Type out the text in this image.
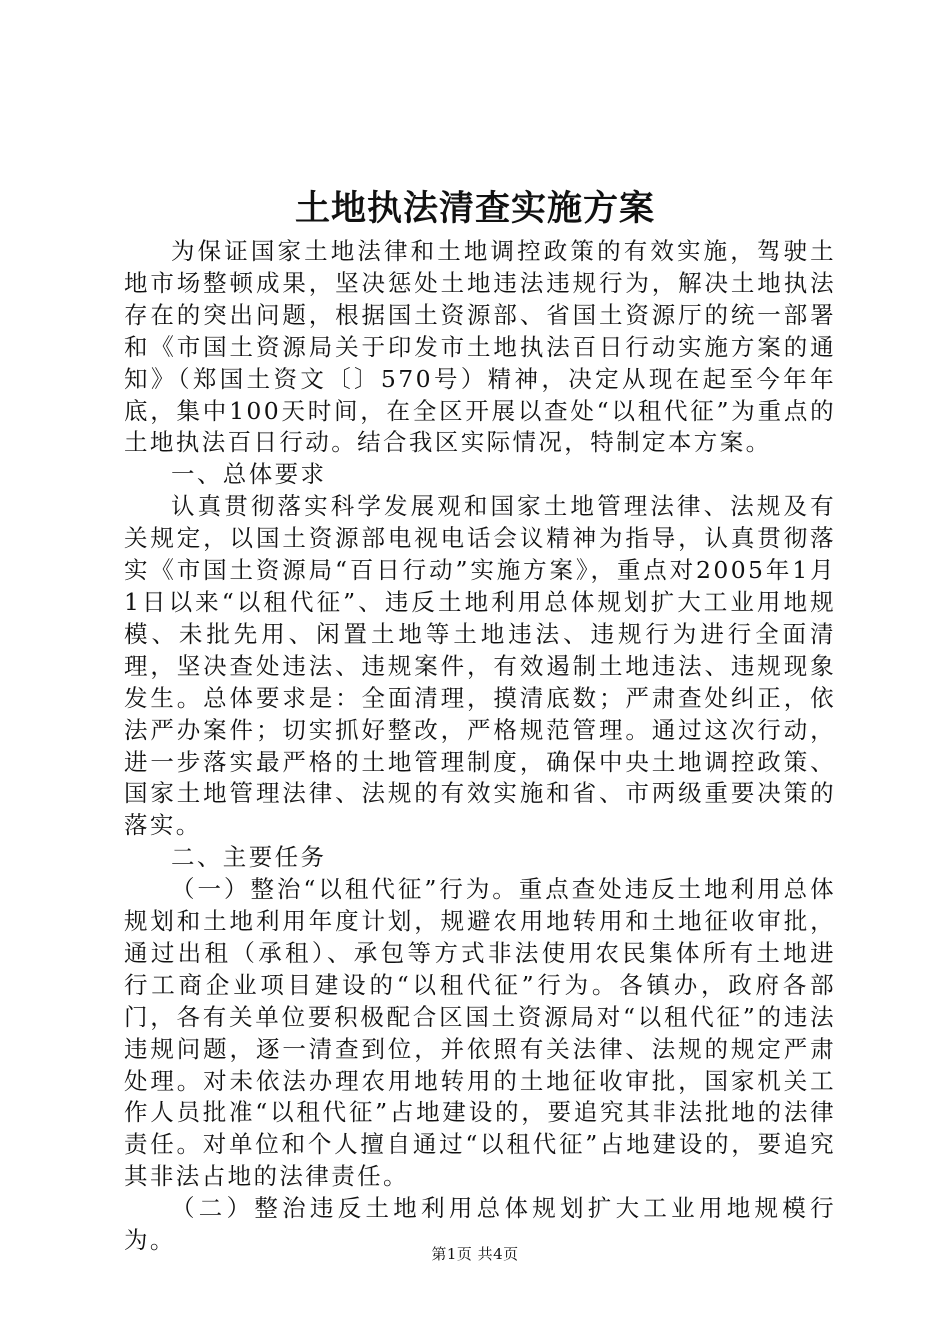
土地执法清查实施方案

为保证国家土地法律和土地调控政策的有效实施，驾驶土地市场整顿成果，坚决惩处土地违法违规行为，解决土地执法存在的突出问题，根据国土资源部、省国土资源厅的统一部署和《市国土资源局关于印发市土地执法百日行动实施方案的通知》（郑国土资文〔〕570号）精神，决定从现在起至今年年底，集中100天时间，在全区开展以查处“以租代征”为重点的土地执法百日行动。结合我区实际情况，特制定本方案。

一、总体要求

认真贯彻落实科学发展观和国家土地管理法律、法规及有关规定，以国土资源部电视电话会议精神为指导，认真贯彻落实《市国土资源局“百日行动”实施方案》，重点对2005年1月1日以来“以租代征”、违反土地利用总体规划扩大工业用地规模、未批先用、闲置土地等土地违法、违规行为进行全面清理，坚决查处违法、违规案件，有效遏制土地违法、违规现象发生。总体要求是：全面清理，摸清底数；严肃查处纠正，依法严办案件；切实抓好整改，严格规范管理。通过这次行动，进一步落实最严格的土地管理制度，确保中央土地调控政策、国家土地管理法律、法规的有效实施和省、市两级重要决策的落实。

二、主要任务

（一）整治“以租代征”行为。重点查处违反土地利用总体规划和土地利用年度计划，规避农用地转用和土地征收审批，通过出租（承租）、承包等方式非法使用农民集体所有土地进行工商企业项目建设的“以租代征”行为。各镇办，政府各部门，各有关单位要积极配合区国土资源局对“以租代征”的违法违规问题，逐一清查到位，并依照有关法律、法规的规定严肃处理。对未依法办理农用地转用的土地征收审批，国家机关工作人员批准“以租代征”占地建设的，要追究其非法批地的法律责任。对单位和个人擅自通过“以租代征”占地建设的，要追究其非法占地的法律责任。

（二）整治违反土地利用总体规划扩大工业用地规模行为。	第1页 共4页
